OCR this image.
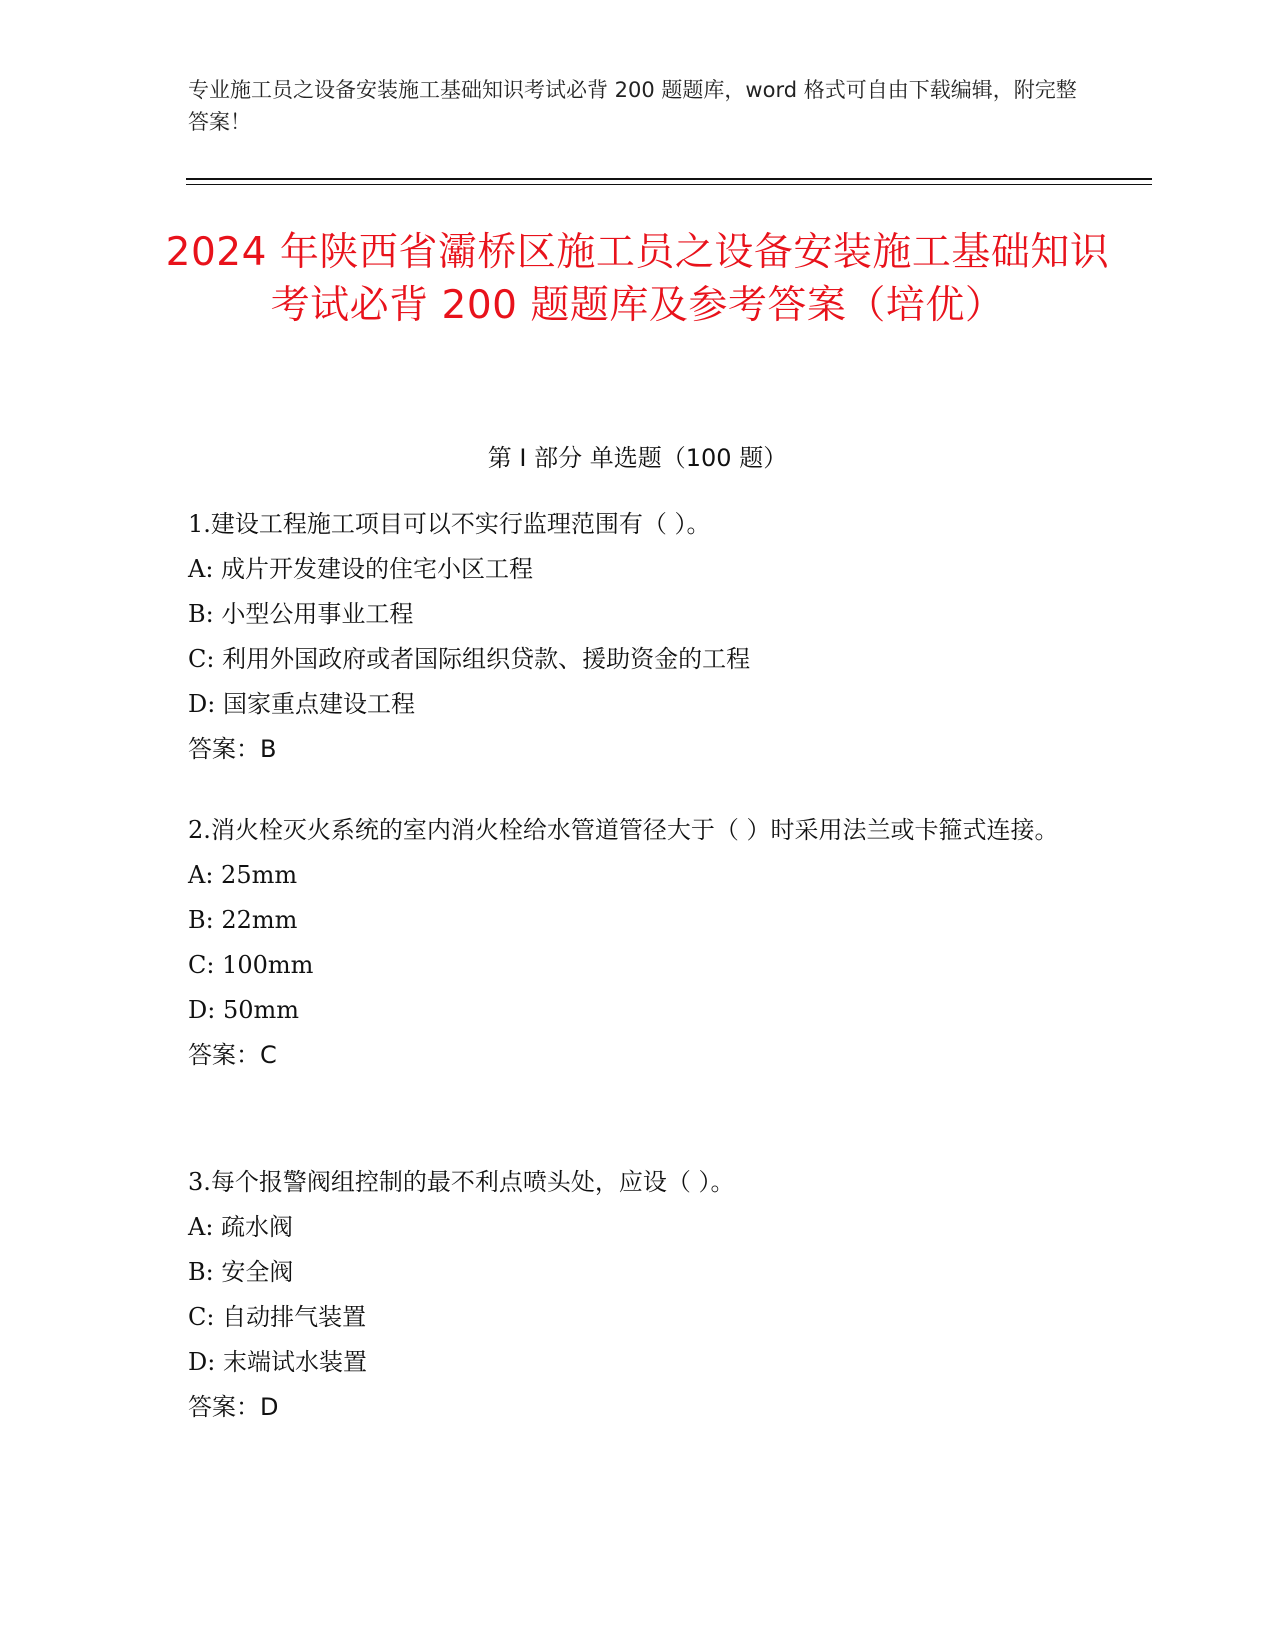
专业施工员之设备安装施工基础知识考试必背 200 题题库，word 格式可自由下载编辑，附完整答案！
2024 年陕西省灞桥区施工员之设备安装施工基础知识考试必背 200 题题库及参考答案（培优）
第 I 部分 单选题（100 题）
1.建设工程施工项目可以不实行监理范围有（ ）。
A: 成片开发建设的住宅小区工程
B: 小型公用事业工程
C: 利用外国政府或者国际组织贷款、援助资金的工程
D: 国家重点建设工程
答案：B
2.消火栓灭火系统的室内消火栓给水管道管径大于（ ）时采用法兰或卡箍式连接。
A: 25mm
B: 22mm
C: 100mm
D: 50mm
答案：C
3.每个报警阀组控制的最不利点喷头处，应设（ ）。
A: 疏水阀
B: 安全阀
C: 自动排气装置
D: 末端试水装置
答案：D
